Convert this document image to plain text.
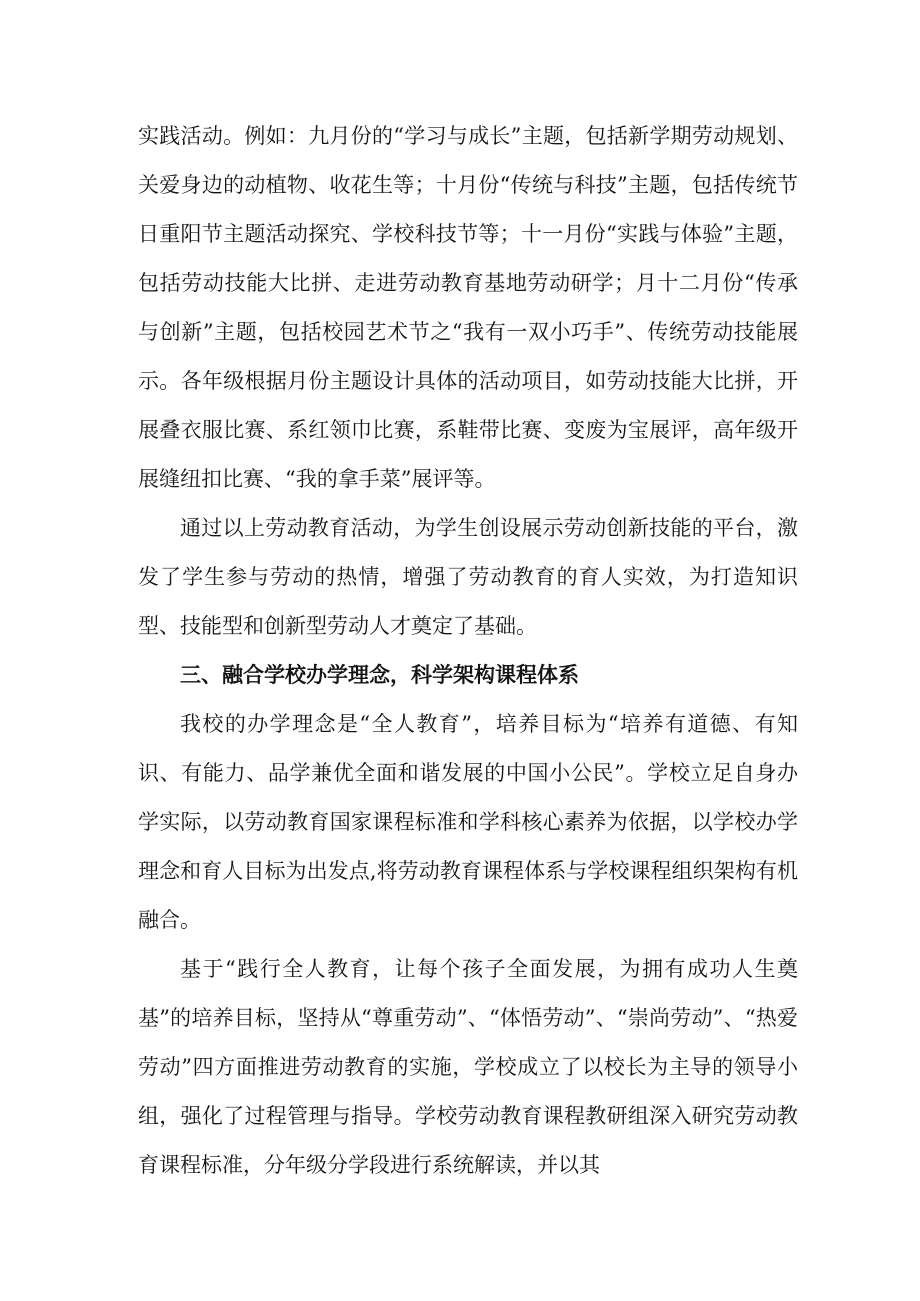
实践活动。例如：九月份的“学习与成长”主题，包括新学期劳动规划、关爱身边的动植物、收花生等；十月份“传统与科技”主题，包括传统节日重阳节主题活动探究、学校科技节等；十一月份“实践与体验”主题，包括劳动技能大比拼、走进劳动教育基地劳动研学；月十二月份“传承与创新”主题，包括校园艺术节之“我有一双小巧手”、传统劳动技能展示。各年级根据月份主题设计具体的活动项目，如劳动技能大比拼，开展叠衣服比赛、系红领巾比赛，系鞋带比赛、变废为宝展评，高年级开展缝纽扣比赛、“我的拿手菜”展评等。

通过以上劳动教育活动，为学生创设展示劳动创新技能的平台，激发了学生参与劳动的热情，增强了劳动教育的育人实效，为打造知识型、技能型和创新型劳动人才奠定了基础。

三、融合学校办学理念，科学架构课程体系

我校的办学理念是“全人教育”，培养目标为“培养有道德、有知识、有能力、品学兼优全面和谐发展的中国小公民”。学校立足自身办学实际，以劳动教育国家课程标准和学科核心素养为依据，以学校办学理念和育人目标为出发点,将劳动教育课程体系与学校课程组织架构有机融合。

基于“践行全人教育，让每个孩子全面发展，为拥有成功人生奠基”的培养目标，坚持从“尊重劳动”、“体悟劳动”、“崇尚劳动”、“热爱劳动”四方面推进劳动教育的实施，学校成立了以校长为主导的领导小组，强化了过程管理与指导。学校劳动教育课程教研组深入研究劳动教育课程标准，分年级分学段进行系统解读，并以其
